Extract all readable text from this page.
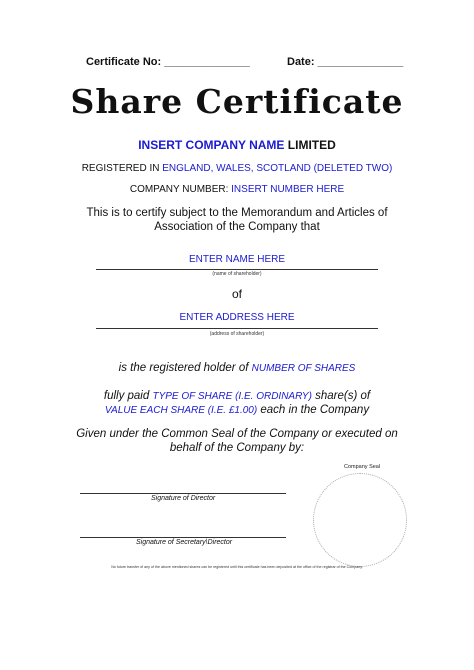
Certificate No: ______________	Date: ______________
Share Certificate
INSERT COMPANY NAME LIMITED
REGISTERED IN ENGLAND, WALES, SCOTLAND (DELETED TWO)
COMPANY NUMBER: INSERT NUMBER HERE
This is to certify subject to the Memorandum and Articles of
Association of the Company that
ENTER NAME HERE
(name of shareholder)
of
ENTER ADDRESS HERE
(address of shareholder)
is the registered holder of NUMBER OF SHARES
fully paid TYPE OF SHARE (I.E. ORDINARY) share(s) of
VALUE EACH SHARE (I.E. £1.00) each in the Company
Given under the Common Seal of the Company or executed on
behalf of the Company by:
Company Seal
Signature of Director
Signature of Secretary\Director
No future transfer of any of the above mentioned shares can be registered until this certificate has been deposited at the office of the registrar of the Company.
